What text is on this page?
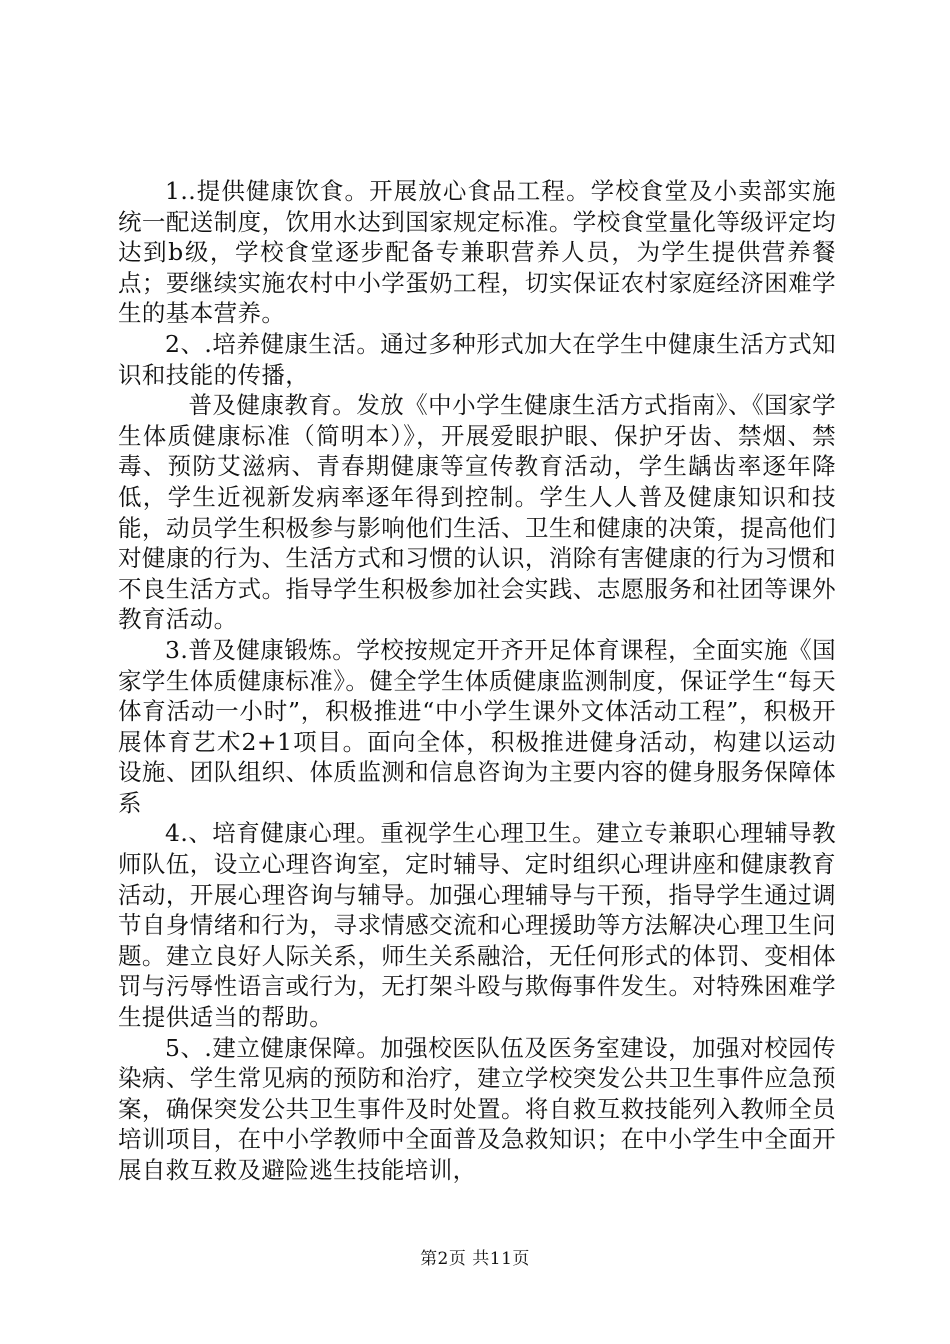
1..提供健康饮食。开展放心食品工程。学校食堂及小卖部实施统一配送制度，饮用水达到国家规定标准。学校食堂量化等级评定均达到b级，学校食堂逐步配备专兼职营养人员，为学生提供营养餐点；要继续实施农村中小学蛋奶工程，切实保证农村家庭经济困难学生的基本营养。

2、.培养健康生活。通过多种形式加大在学生中健康生活方式知识和技能的传播，

普及健康教育。发放《中小学生健康生活方式指南》、《国家学生体质健康标准（简明本）》，开展爱眼护眼、保护牙齿、禁烟、禁毒、预防艾滋病、青春期健康等宣传教育活动，学生龋齿率逐年降低，学生近视新发病率逐年得到控制。学生人人普及健康知识和技能，动员学生积极参与影响他们生活、卫生和健康的决策，提高他们对健康的行为、生活方式和习惯的认识，消除有害健康的行为习惯和不良生活方式。指导学生积极参加社会实践、志愿服务和社团等课外教育活动。

3.普及健康锻炼。学校按规定开齐开足体育课程，全面实施《国家学生体质健康标准》。健全学生体质健康监测制度，保证学生“每天体育活动一小时”，积极推进“中小学生课外文体活动工程”，积极开展体育艺术2+1项目。面向全体，积极推进健身活动，构建以运动设施、团队组织、体质监测和信息咨询为主要内容的健身服务保障体系

4.、培育健康心理。重视学生心理卫生。建立专兼职心理辅导教师队伍，设立心理咨询室，定时辅导、定时组织心理讲座和健康教育活动，开展心理咨询与辅导。加强心理辅导与干预，指导学生通过调节自身情绪和行为，寻求情感交流和心理援助等方法解决心理卫生问题。建立良好人际关系，师生关系融洽，无任何形式的体罚、变相体罚与污辱性语言或行为，无打架斗殴与欺侮事件发生。对特殊困难学生提供适当的帮助。

5、.建立健康保障。加强校医队伍及医务室建设，加强对校园传染病、学生常见病的预防和治疗，建立学校突发公共卫生事件应急预案，确保突发公共卫生事件及时处置。将自救互救技能列入教师全员培训项目，在中小学教师中全面普及急救知识；在中小学生中全面开展自救互救及避险逃生技能培训，

第2页 共11页
